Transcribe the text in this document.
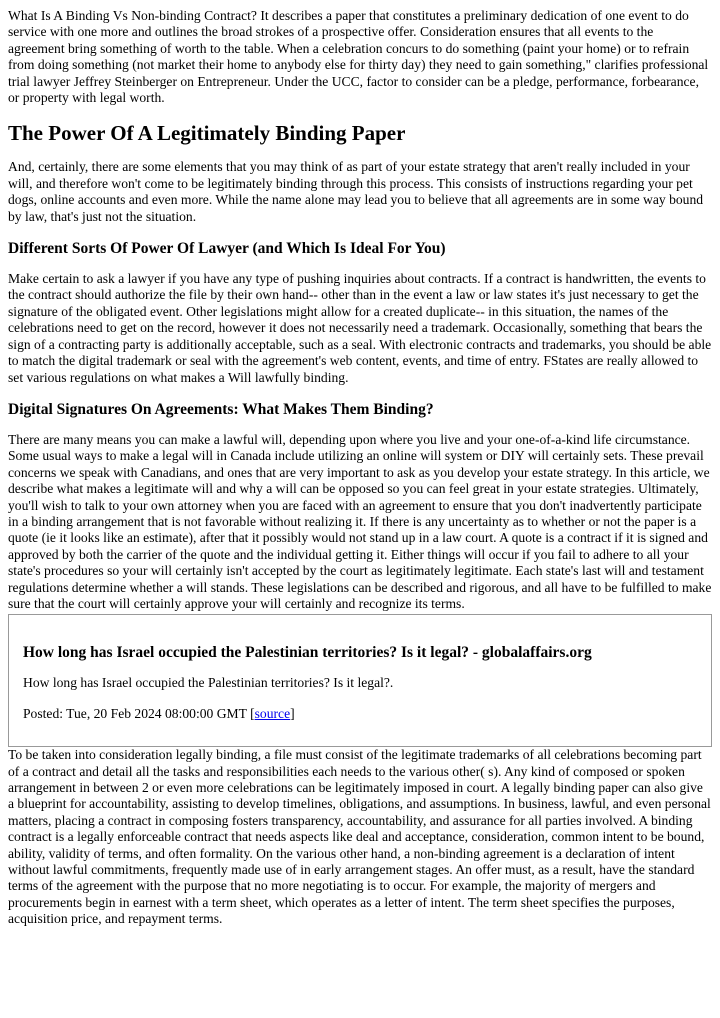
What Is A Binding Vs Non-binding Contract? It describes a paper that constitutes a preliminary dedication of one event to do service with one more and outlines the broad strokes of a prospective offer. Consideration ensures that all events to the agreement bring something of worth to the table. When a celebration concurs to do something (paint your home) or to refrain from doing something (not market their home to anybody else for thirty day) they need to gain something," clarifies professional trial lawyer Jeffrey Steinberger on Entrepreneur. Under the UCC, factor to consider can be a pledge, performance, forbearance, or property with legal worth.

The Power Of A Legitimately Binding Paper

And, certainly, there are some elements that you may think of as part of your estate strategy that aren't really included in your will, and therefore won't come to be legitimately binding through this process. This consists of instructions regarding your pet dogs, online accounts and even more. While the name alone may lead you to believe that all agreements are in some way bound by law, that's just not the situation.

Different Sorts Of Power Of Lawyer (and Which Is Ideal For You)

Make certain to ask a lawyer if you have any type of pushing inquiries about contracts. If a contract is handwritten, the events to the contract should authorize the file by their own hand-- other than in the event a law or law states it's just necessary to get the signature of the obligated event. Other legislations might allow for a created duplicate-- in this situation, the names of the celebrations need to get on the record, however it does not necessarily need a trademark. Occasionally, something that bears the sign of a contracting party is additionally acceptable, such as a seal. With electronic contracts and trademarks, you should be able to match the digital trademark or seal with the agreement's web content, events, and time of entry. FStates are really allowed to set various regulations on what makes a Will lawfully binding.

Digital Signatures On Agreements: What Makes Them Binding?

There are many means you can make a lawful will, depending upon where you live and your one-of-a-kind life circumstance. Some usual ways to make a legal will in Canada include utilizing an online will system or DIY will certainly sets. These prevail concerns we speak with Canadians, and ones that are very important to ask as you develop your estate strategy. In this article, we describe what makes a legitimate will and why a will can be opposed so you can feel great in your estate strategies. Ultimately, you'll wish to talk to your own attorney when you are faced with an agreement to ensure that you don't inadvertently participate in a binding arrangement that is not favorable without realizing it. If there is any uncertainty as to whether or not the paper is a quote (ie it looks like an estimate), after that it possibly would not stand up in a law court. A quote is a contract if it is signed and approved by both the carrier of the quote and the individual getting it. Either things will occur if you fail to adhere to all your state's procedures so your will certainly isn't accepted by the court as legitimately legitimate. Each state's last will and testament regulations determine whether a will stands. These legislations can be described and rigorous, and all have to be fulfilled to make sure that the court will certainly approve your will certainly and recognize its terms.

How long has Israel occupied the Palestinian territories? Is it legal? - globalaffairs.org

How long has Israel occupied the Palestinian territories? Is it legal?.

Posted: Tue, 20 Feb 2024 08:00:00 GMT [source]

To be taken into consideration legally binding, a file must consist of the legitimate trademarks of all celebrations becoming part of a contract and detail all the tasks and responsibilities each needs to the various other( s). Any kind of composed or spoken arrangement in between 2 or even more celebrations can be legitimately imposed in court. A legally binding paper can also give a blueprint for accountability, assisting to develop timelines, obligations, and assumptions. In business, lawful, and even personal matters, placing a contract in composing fosters transparency, accountability, and assurance for all parties involved. A binding contract is a legally enforceable contract that needs aspects like deal and acceptance, consideration, common intent to be bound, ability, validity of terms, and often formality. On the various other hand, a non-binding agreement is a declaration of intent without lawful commitments, frequently made use of in early arrangement stages. An offer must, as a result, have the standard terms of the agreement with the purpose that no more negotiating is to occur. For example, the majority of mergers and procurements begin in earnest with a term sheet, which operates as a letter of intent. The term sheet specifies the purposes, acquisition price, and repayment terms.
